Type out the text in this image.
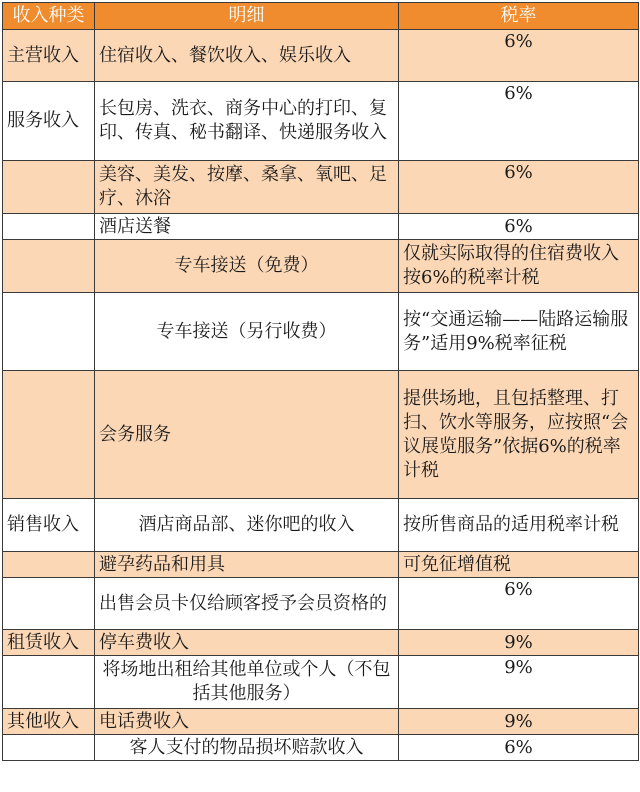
收入种类	明细	税率
主营收入	住宿收入、餐饮收入、娱乐收入	6%
服务收入	长包房、洗衣、商务中心的打印、复印、传真、秘书翻译、快递服务收入	6%
	美容、美发、按摩、桑拿、氧吧、足疗、沐浴	6%
	酒店送餐	6%
	专车接送（免费）	仅就实际取得的住宿费收入按6%的税率计税
	专车接送（另行收费）	按“交通运输——陆路运输服务”适用9%税率征税
	会务服务	提供场地，且包括整理、打扫、饮水等服务，应按照“会议展览服务”依据6%的税率计税
销售收入	酒店商品部、迷你吧的收入	按所售商品的适用税率计税
	避孕药品和用具	可免征增值税
	出售会员卡仅给顾客授予会员资格的	6%
租赁收入	停车费收入	9%
	将场地出租给其他单位或个人（不包括其他服务）	9%
其他收入	电话费收入	9%
	客人支付的物品损坏赔款收入	6%
